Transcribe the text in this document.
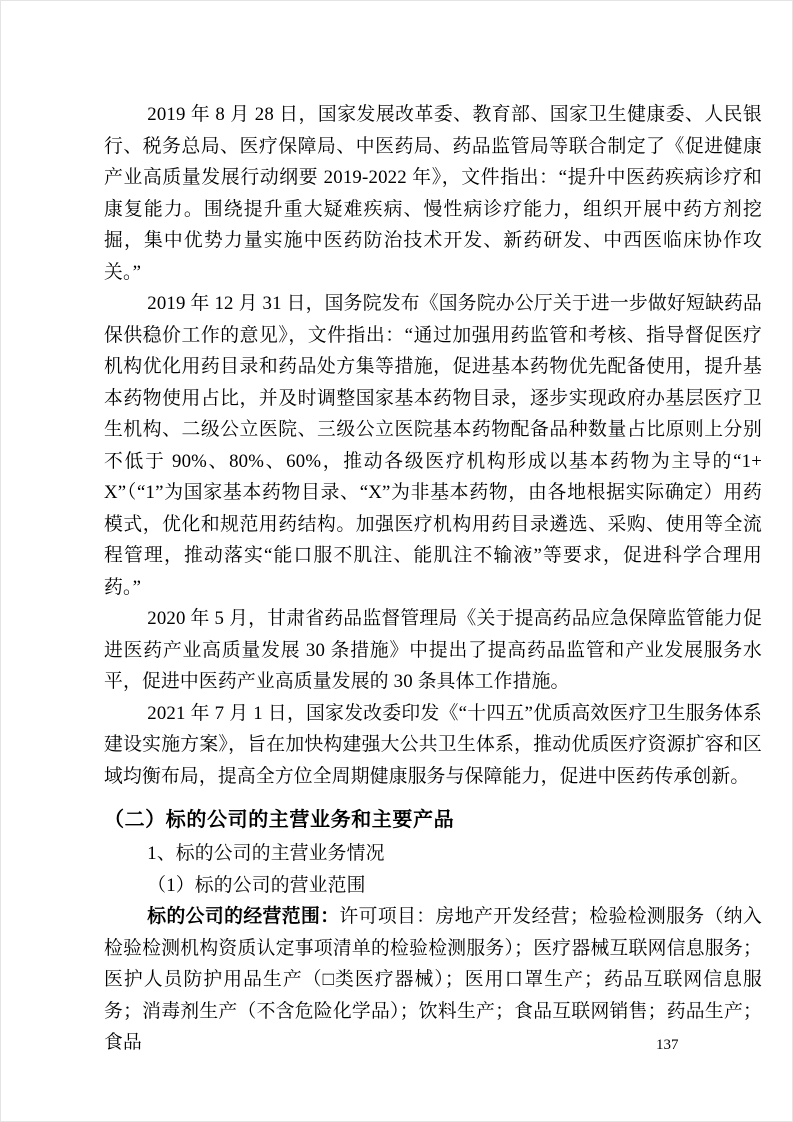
2019 年 8 月 28 日，国家发展改革委、教育部、国家卫生健康委、人民银行、税务总局、医疗保障局、中医药局、药品监管局等联合制定了《促进健康产业高质量发展行动纲要 2019-2022 年》，文件指出：“提升中医药疾病诊疗和康复能力。围绕提升重大疑难疾病、慢性病诊疗能力，组织开展中药方剂挖掘，集中优势力量实施中医药防治技术开发、新药研发、中西医临床协作攻关。”

2019 年 12 月 31 日，国务院发布《国务院办公厅关于进一步做好短缺药品保供稳价工作的意见》，文件指出：“通过加强用药监管和考核、指导督促医疗机构优化用药目录和药品处方集等措施，促进基本药物优先配备使用，提升基本药物使用占比，并及时调整国家基本药物目录，逐步实现政府办基层医疗卫生机构、二级公立医院、三级公立医院基本药物配备品种数量占比原则上分别不低于 90%、80%、60%，推动各级医疗机构形成以基本药物为主导的“1+X”（“1”为国家基本药物目录、“X”为非基本药物，由各地根据实际确定）用药模式，优化和规范用药结构。加强医疗机构用药目录遴选、采购、使用等全流程管理，推动落实“能口服不肌注、能肌注不输液”等要求，促进科学合理用药。”

2020 年 5 月，甘肃省药品监督管理局《关于提高药品应急保障监管能力促进医药产业高质量发展 30 条措施》中提出了提高药品监管和产业发展服务水平，促进中医药产业高质量发展的 30 条具体工作措施。

2021 年 7 月 1 日，国家发改委印发《“十四五”优质高效医疗卫生服务体系建设实施方案》，旨在加快构建强大公共卫生体系，推动优质医疗资源扩容和区域均衡布局，提高全方位全周期健康服务与保障能力，促进中医药传承创新。

（二）标的公司的主营业务和主要产品

1、标的公司的主营业务情况

（1）标的公司的营业范围

标的公司的经营范围：许可项目：房地产开发经营；检验检测服务（纳入检验检测机构资质认定事项清单的检验检测服务）；医疗器械互联网信息服务；医护人员防护用品生产（□类医疗器械）；医用口罩生产；药品互联网信息服务；消毒剂生产（不含危险化学品）；饮料生产；食品互联网销售；药品生产；食品	137
